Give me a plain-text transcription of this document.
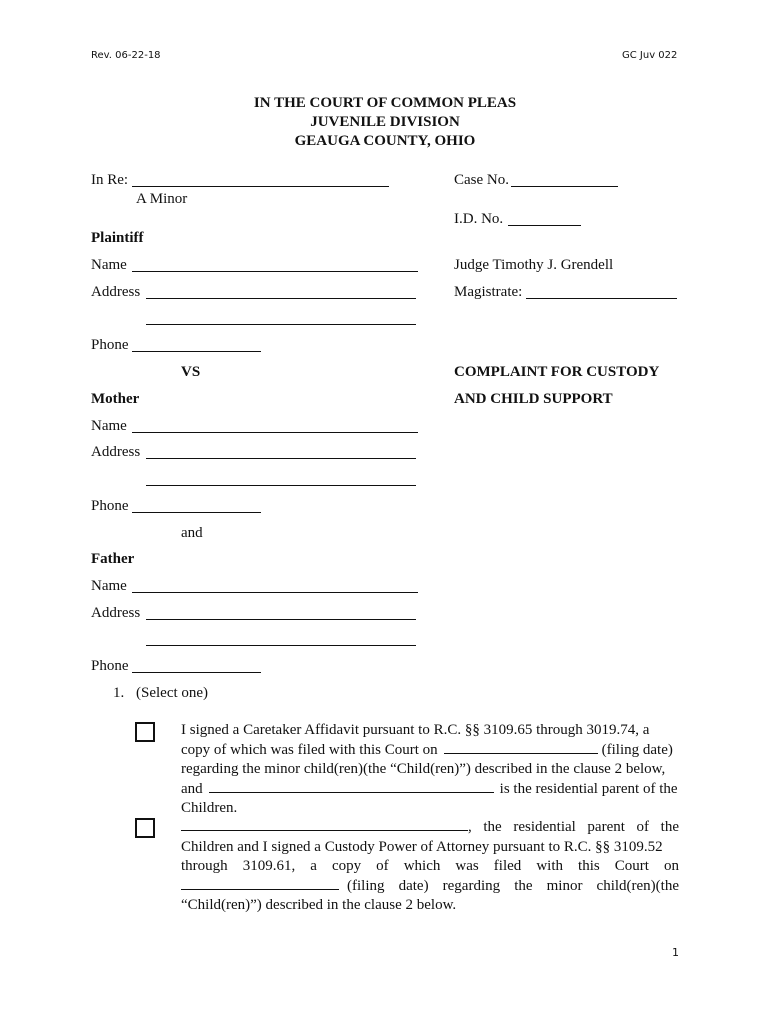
Rev. 06-22-18	GC Juv 022
IN THE COURT OF COMMON PLEAS
JUVENILE DIVISION
GEAUGA COUNTY, OHIO
In Re:
A Minor
Case No.
I.D. No.
Judge Timothy J. Grendell
Magistrate:
Plaintiff
Name
Address
Phone
VS	COMPLAINT FOR CUSTODY
AND CHILD SUPPORT
Mother
Name
Address
Phone
and
Father
Name
Address
Phone
1. (Select one)
I signed a Caretaker Affidavit pursuant to R.C. §§ 3109.65 through 3019.74, a
copy of which was filed with this Court on	(filing date)
regarding the minor child(ren)(the “Child(ren)”) described in the clause 2 below,
and	is the residential parent of the
Children.
, the residential parent of the
Children and I signed a Custody Power of Attorney pursuant to R.C. §§ 3109.52
through 3109.61, a copy of which was filed with this Court on
(filing date) regarding the minor child(ren)(the
“Child(ren)”) described in the clause 2 below.
1
